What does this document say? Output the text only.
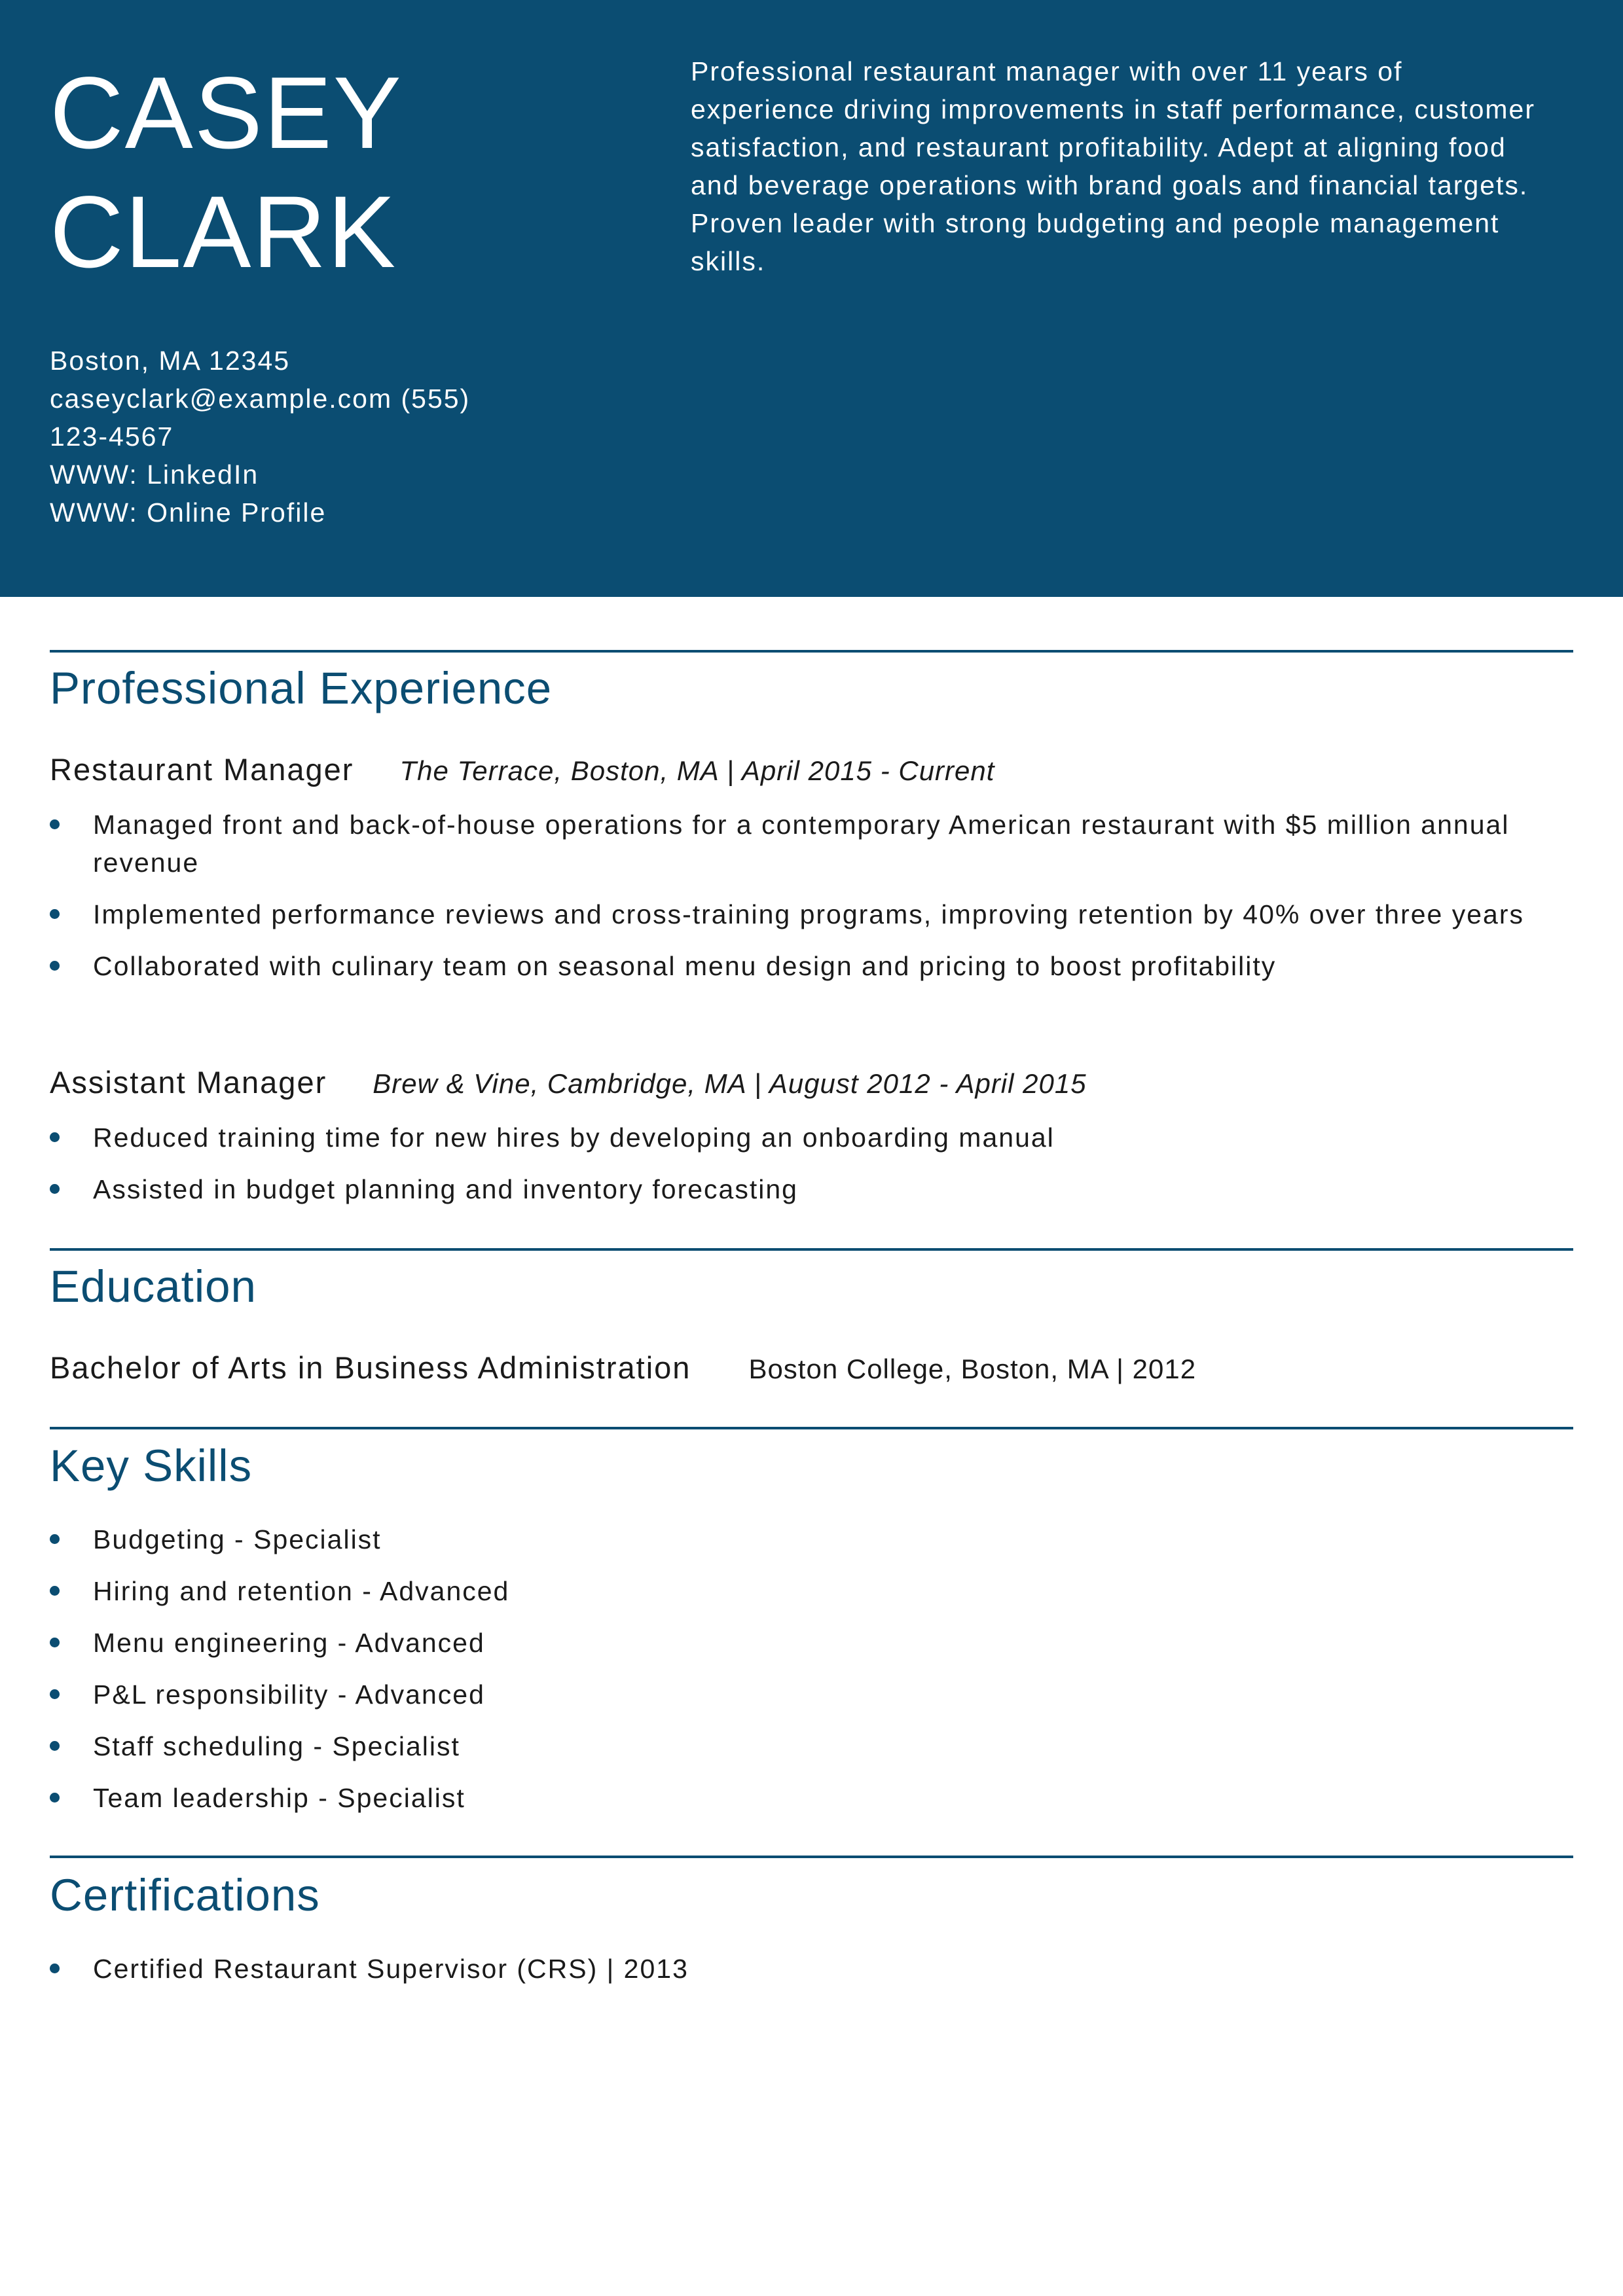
CASEY
CLARK
Boston, MA 12345
caseyclark@example.com (555)
123-4567
WWW: LinkedIn
WWW: Online Profile
Professional restaurant manager with over 11 years of experience driving improvements in staff performance, customer satisfaction, and restaurant profitability. Adept at aligning food and beverage operations with brand goals and financial targets. Proven leader with strong budgeting and people management skills.
Professional Experience
Restaurant Manager The Terrace, Boston, MA | April 2015 - Current
Managed front and back-of-house operations for a contemporary American restaurant with $5 million annual revenue
Implemented performance reviews and cross-training programs, improving retention by 40% over three years
Collaborated with culinary team on seasonal menu design and pricing to boost profitability
Assistant Manager Brew & Vine, Cambridge, MA | August 2012 - April 2015
Reduced training time for new hires by developing an onboarding manual
Assisted in budget planning and inventory forecasting
Education
Bachelor of Arts in Business Administration Boston College, Boston, MA | 2012
Key Skills
Budgeting - Specialist
Hiring and retention - Advanced
Menu engineering - Advanced
P&L responsibility - Advanced
Staff scheduling - Specialist
Team leadership - Specialist
Certifications
Certified Restaurant Supervisor (CRS) | 2013
